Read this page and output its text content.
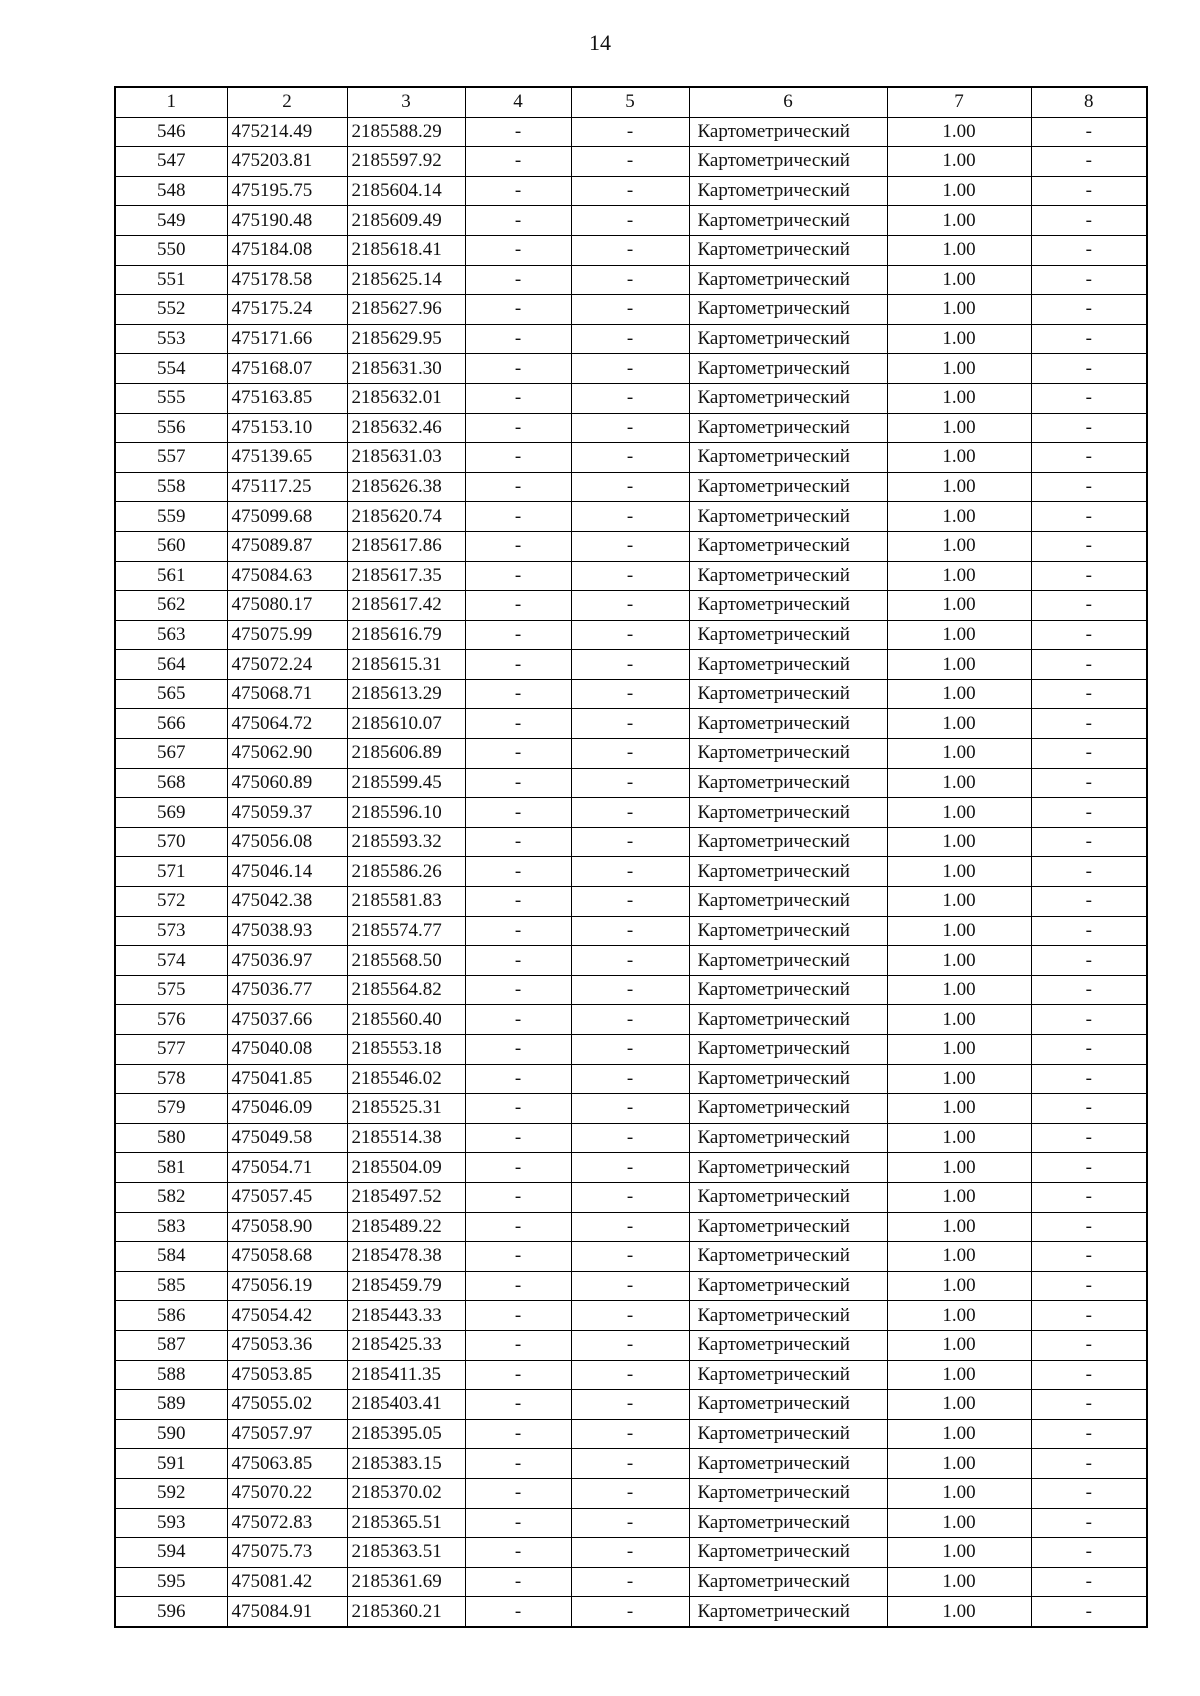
14
1	2	3	4	5	6	7	8
546	475214.49	2185588.29	-	-	Картометрический	1.00	-
547	475203.81	2185597.92	-	-	Картометрический	1.00	-
548	475195.75	2185604.14	-	-	Картометрический	1.00	-
549	475190.48	2185609.49	-	-	Картометрический	1.00	-
550	475184.08	2185618.41	-	-	Картометрический	1.00	-
551	475178.58	2185625.14	-	-	Картометрический	1.00	-
552	475175.24	2185627.96	-	-	Картометрический	1.00	-
553	475171.66	2185629.95	-	-	Картометрический	1.00	-
554	475168.07	2185631.30	-	-	Картометрический	1.00	-
555	475163.85	2185632.01	-	-	Картометрический	1.00	-
556	475153.10	2185632.46	-	-	Картометрический	1.00	-
557	475139.65	2185631.03	-	-	Картометрический	1.00	-
558	475117.25	2185626.38	-	-	Картометрический	1.00	-
559	475099.68	2185620.74	-	-	Картометрический	1.00	-
560	475089.87	2185617.86	-	-	Картометрический	1.00	-
561	475084.63	2185617.35	-	-	Картометрический	1.00	-
562	475080.17	2185617.42	-	-	Картометрический	1.00	-
563	475075.99	2185616.79	-	-	Картометрический	1.00	-
564	475072.24	2185615.31	-	-	Картометрический	1.00	-
565	475068.71	2185613.29	-	-	Картометрический	1.00	-
566	475064.72	2185610.07	-	-	Картометрический	1.00	-
567	475062.90	2185606.89	-	-	Картометрический	1.00	-
568	475060.89	2185599.45	-	-	Картометрический	1.00	-
569	475059.37	2185596.10	-	-	Картометрический	1.00	-
570	475056.08	2185593.32	-	-	Картометрический	1.00	-
571	475046.14	2185586.26	-	-	Картометрический	1.00	-
572	475042.38	2185581.83	-	-	Картометрический	1.00	-
573	475038.93	2185574.77	-	-	Картометрический	1.00	-
574	475036.97	2185568.50	-	-	Картометрический	1.00	-
575	475036.77	2185564.82	-	-	Картометрический	1.00	-
576	475037.66	2185560.40	-	-	Картометрический	1.00	-
577	475040.08	2185553.18	-	-	Картометрический	1.00	-
578	475041.85	2185546.02	-	-	Картометрический	1.00	-
579	475046.09	2185525.31	-	-	Картометрический	1.00	-
580	475049.58	2185514.38	-	-	Картометрический	1.00	-
581	475054.71	2185504.09	-	-	Картометрический	1.00	-
582	475057.45	2185497.52	-	-	Картометрический	1.00	-
583	475058.90	2185489.22	-	-	Картометрический	1.00	-
584	475058.68	2185478.38	-	-	Картометрический	1.00	-
585	475056.19	2185459.79	-	-	Картометрический	1.00	-
586	475054.42	2185443.33	-	-	Картометрический	1.00	-
587	475053.36	2185425.33	-	-	Картометрический	1.00	-
588	475053.85	2185411.35	-	-	Картометрический	1.00	-
589	475055.02	2185403.41	-	-	Картометрический	1.00	-
590	475057.97	2185395.05	-	-	Картометрический	1.00	-
591	475063.85	2185383.15	-	-	Картометрический	1.00	-
592	475070.22	2185370.02	-	-	Картометрический	1.00	-
593	475072.83	2185365.51	-	-	Картометрический	1.00	-
594	475075.73	2185363.51	-	-	Картометрический	1.00	-
595	475081.42	2185361.69	-	-	Картометрический	1.00	-
596	475084.91	2185360.21	-	-	Картометрический	1.00	-
